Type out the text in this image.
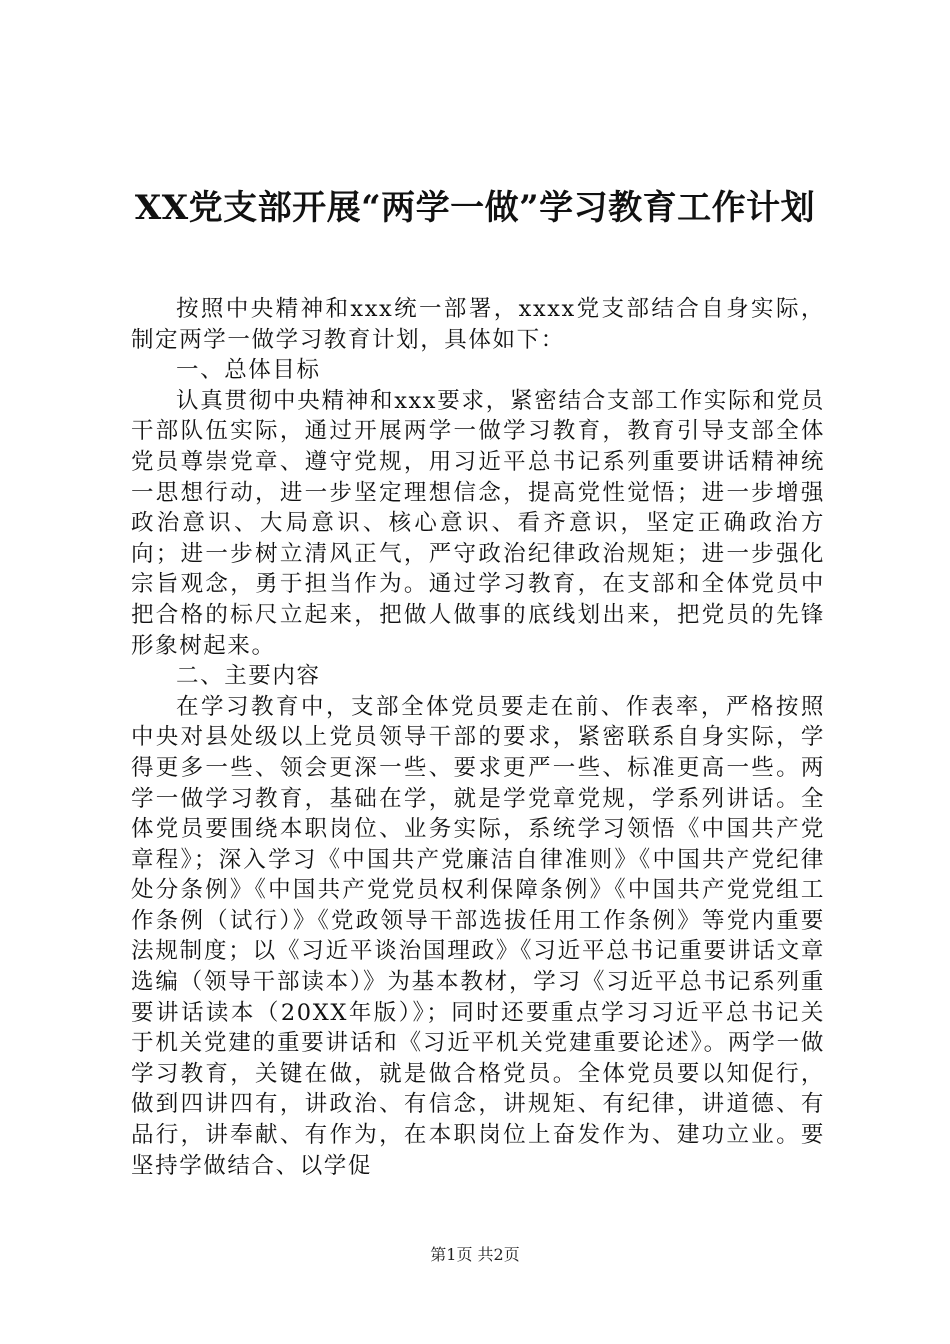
XX党支部开展“两学一做”学习教育工作计划

按照中央精神和xxx统一部署，xxxx党支部结合自身实际，制定两学一做学习教育计划，具体如下：

一、总体目标

认真贯彻中央精神和xxx要求，紧密结合支部工作实际和党员干部队伍实际，通过开展两学一做学习教育，教育引导支部全体党员尊崇党章、遵守党规，用习近平总书记系列重要讲话精神统一思想行动，进一步坚定理想信念，提高党性觉悟；进一步增强政治意识、大局意识、核心意识、看齐意识，坚定正确政治方向；进一步树立清风正气，严守政治纪律政治规矩；进一步强化宗旨观念，勇于担当作为。通过学习教育，在支部和全体党员中把合格的标尺立起来，把做人做事的底线划出来，把党员的先锋形象树起来。

二、主要内容

在学习教育中，支部全体党员要走在前、作表率，严格按照中央对县处级以上党员领导干部的要求，紧密联系自身实际，学得更多一些、领会更深一些、要求更严一些、标准更高一些。两学一做学习教育，基础在学，就是学党章党规，学系列讲话。全体党员要围绕本职岗位、业务实际，系统学习领悟《中国共产党章程》；深入学习《中国共产党廉洁自律准则》《中国共产党纪律处分条例》《中国共产党党员权利保障条例》《中国共产党党组工作条例（试行）》《党政领导干部选拔任用工作条例》等党内重要法规制度；以《习近平谈治国理政》《习近平总书记重要讲话文章选编（领导干部读本）》为基本教材，学习《习近平总书记系列重要讲话读本（20XX年版）》；同时还要重点学习习近平总书记关于机关党建的重要讲话和《习近平机关党建重要论述》。两学一做学习教育，关键在做，就是做合格党员。全体党员要以知促行，做到四讲四有，讲政治、有信念，讲规矩、有纪律，讲道德、有品行，讲奉献、有作为，在本职岗位上奋发作为、建功立业。要坚持学做结合、以学促

第1页 共2页
